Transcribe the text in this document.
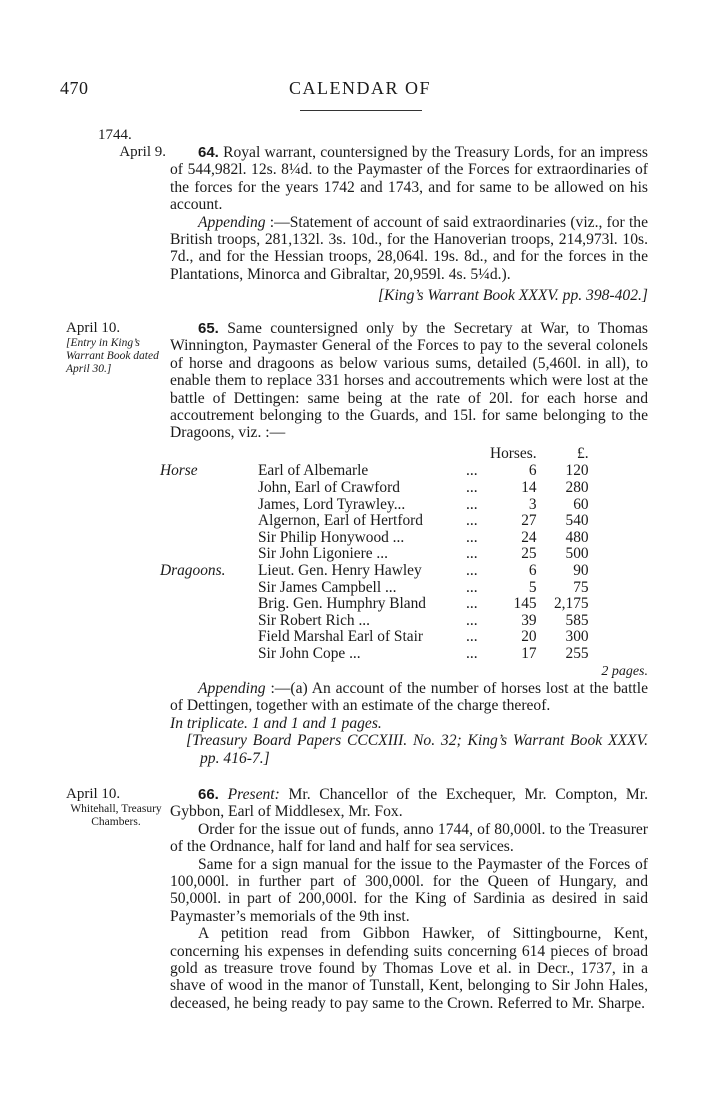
470	CALENDAR OF
1744.
April 9.	64. Royal warrant, countersigned by the Treasury Lords, for an impress of 544,982l. 12s. 8¼d. to the Paymaster of the Forces for extraordinaries of the forces for the years 1742 and 1743, and for same to be allowed on his account.

Appending :—Statement of account of said extraordinaries (viz., for the British troops, 281,132l. 3s. 10d., for the Hanoverian troops, 214,973l. 10s. 7d., and for the Hessian troops, 28,064l. 19s. 8d., and for the forces in the Plantations, Minorca and Gibraltar, 20,959l. 4s. 5¼d.).

[King’s Warrant Book XXXV. pp. 398-402.]

April 10.
[Entry in King’s Warrant Book dated April 30.]

65. Same countersigned only by the Secretary at War, to Thomas Winnington, Paymaster General of the Forces to pay to the several colonels of horse and dragoons as below various sums, detailed (5,460l. in all), to enable them to replace 331 horses and accoutrements which were lost at the battle of Dettingen: same being at the rate of 20l. for each horse and accoutrement belonging to the Guards, and 15l. for same belonging to the Dragoons, viz. :—

			Horses.	£.
Horse	Earl of Albemarle	...	6	120
	John, Earl of Crawford	...	14	280
	James, Lord Tyrawley...	...	3	60
	Algernon, Earl of Hertford	...	27	540
	Sir Philip Honywood ...	...	24	480
	Sir John Ligoniere ...	...	25	500
Dragoons.	Lieut. Gen. Henry Hawley	...	6	90
	Sir James Campbell ...	...	5	75
	Brig. Gen. Humphry Bland	...	145	2,175
	Sir Robert Rich ...	...	39	585
	Field Marshal Earl of Stair	...	20	300
	Sir John Cope ...	...	17	255

2 pages.

Appending :—(a) An account of the number of horses lost at the battle of Dettingen, together with an estimate of the charge thereof.

In triplicate. 1 and 1 and 1 pages.

[Treasury Board Papers CCCXIII. No. 32; King’s Warrant Book XXXV. pp. 416-7.]

April 10.
Whitehall, Treasury Chambers.

66. Present: Mr. Chancellor of the Exchequer, Mr. Compton, Mr. Gybbon, Earl of Middlesex, Mr. Fox.

Order for the issue out of funds, anno 1744, of 80,000l. to the Treasurer of the Ordnance, half for land and half for sea services.

Same for a sign manual for the issue to the Paymaster of the Forces of 100,000l. in further part of 300,000l. for the Queen of Hungary, and 50,000l. in part of 200,000l. for the King of Sardinia as desired in said Paymaster’s memorials of the 9th inst.

A petition read from Gibbon Hawker, of Sittingbourne, Kent, concerning his expenses in defending suits concerning 614 pieces of broad gold as treasure trove found by Thomas Love et al. in Decr., 1737, in a shave of wood in the manor of Tunstall, Kent, belonging to Sir John Hales, deceased, he being ready to pay same to the Crown. Referred to Mr. Sharpe.
